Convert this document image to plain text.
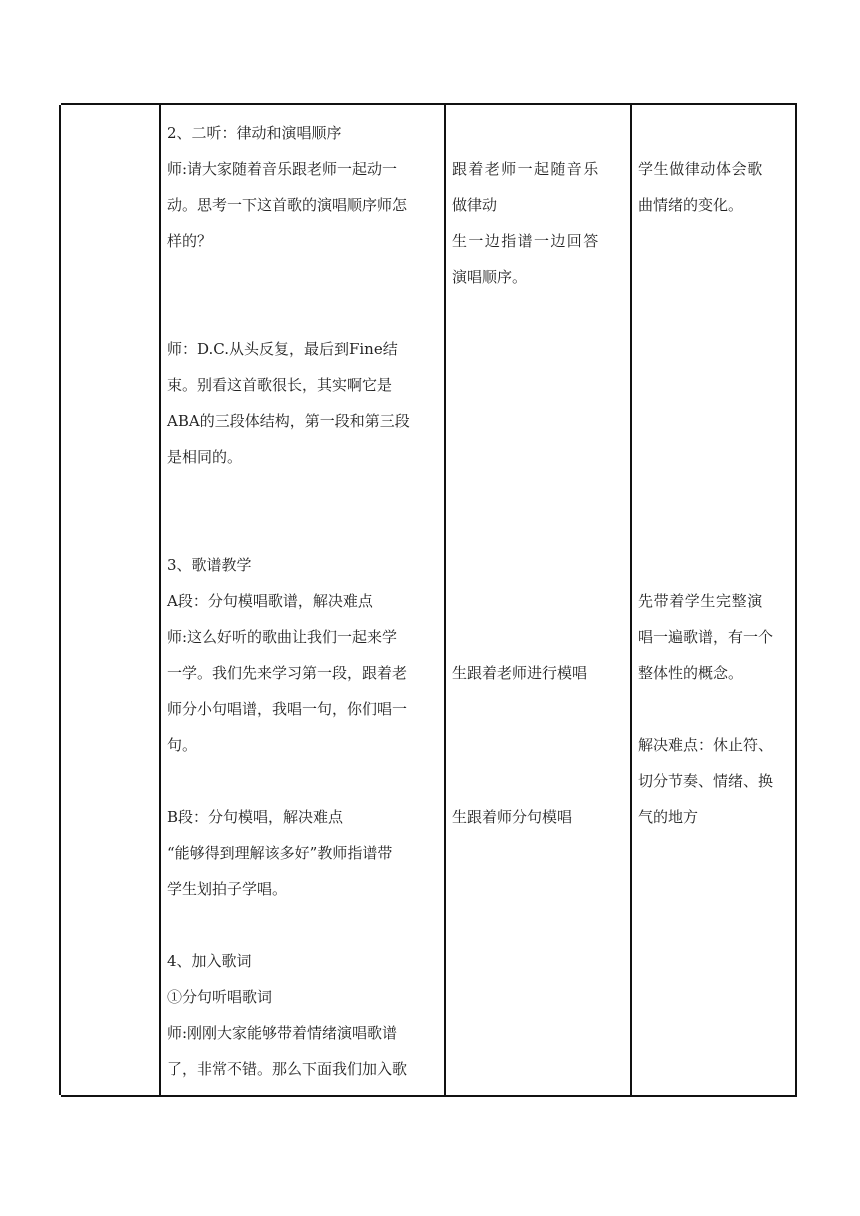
2、二听：律动和演唱顺序
师:请大家随着音乐跟老师一起动一
动。思考一下这首歌的演唱顺序师怎
样的？
师：D.C.从头反复，最后到Fine结
束。别看这首歌很长，其实啊它是
ABA的三段体结构，第一段和第三段
是相同的。
3、歌谱教学
A段：分句模唱歌谱，解决难点
师:这么好听的歌曲让我们一起来学
一学。我们先来学习第一段，跟着老
师分小句唱谱，我唱一句，你们唱一
句。
B段：分句模唱，解决难点
“能够得到理解该多好”教师指谱带
学生划拍子学唱。
4、加入歌词
①分句听唱歌词
师:刚刚大家能够带着情绪演唱歌谱
了，非常不错。那么下面我们加入歌
跟着老师一起随音乐
做律动
生一边指谱一边回答
演唱顺序。
生跟着老师进行模唱
生跟着师分句模唱
学生做律动体会歌
曲情绪的变化。
先带着学生完整演
唱一遍歌谱，有一个
整体性的概念。
解决难点：休止符、
切分节奏、情绪、换
气的地方
